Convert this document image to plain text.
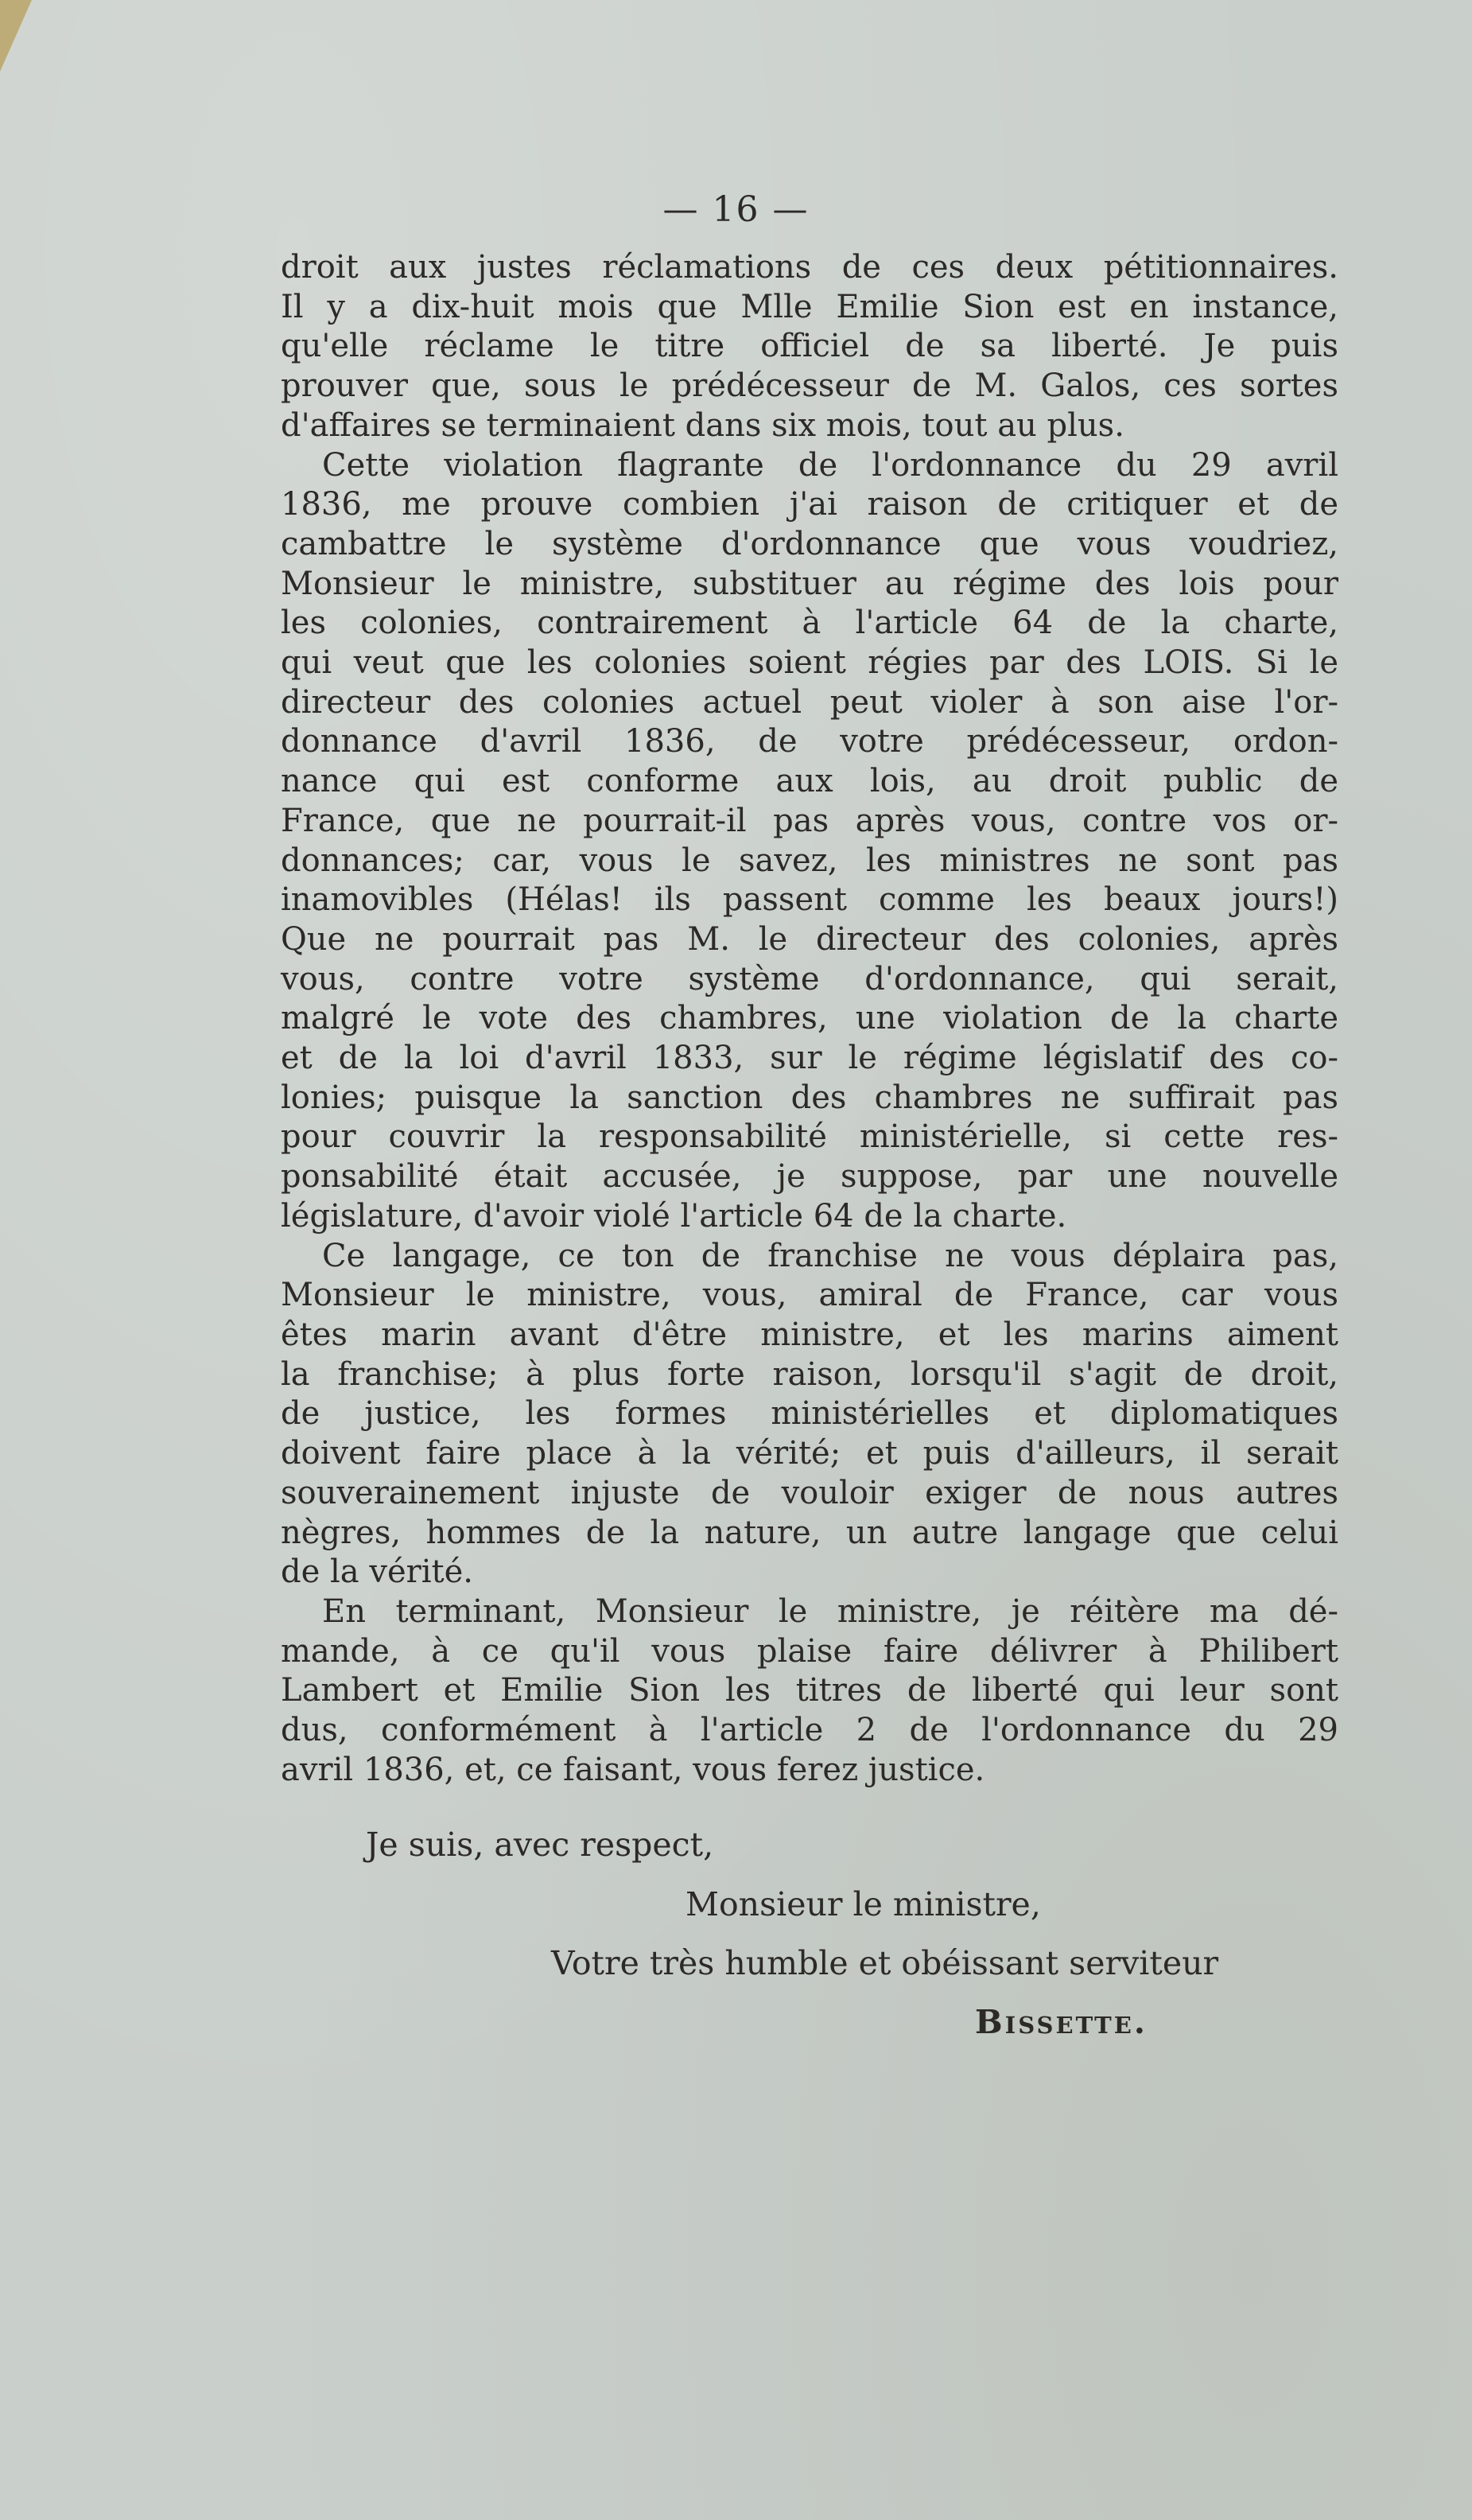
— 16 —
droit aux justes réclamations de ces deux pétitionnaires.
Il y a dix-huit mois que Mlle Emilie Sion est en instance,
qu'elle réclame le titre officiel de sa liberté. Je puis
prouver que, sous le prédécesseur de M. Galos, ces sortes
d'affaires se terminaient dans six mois, tout au plus.
Cette violation flagrante de l'ordonnance du 29 avril
1836, me prouve combien j'ai raison de critiquer et de
cambattre le système d'ordonnance que vous voudriez,
Monsieur le ministre, substituer au régime des lois pour
les colonies, contrairement à l'article 64 de la charte,
qui veut que les colonies soient régies par des LOIS. Si le
directeur des colonies actuel peut violer à son aise l'or-
donnance d'avril 1836, de votre prédécesseur, ordon-
nance qui est conforme aux lois, au droit public de
France, que ne pourrait-il pas après vous, contre vos or-
donnances; car, vous le savez, les ministres ne sont pas
inamovibles (Hélas! ils passent comme les beaux jours!)
Que ne pourrait pas M. le directeur des colonies, après
vous, contre votre système d'ordonnance, qui serait,
malgré le vote des chambres, une violation de la charte
et de la loi d'avril 1833, sur le régime législatif des co-
lonies; puisque la sanction des chambres ne suffirait pas
pour couvrir la responsabilité ministérielle, si cette res-
ponsabilité était accusée, je suppose, par une nouvelle
législature, d'avoir violé l'article 64 de la charte.
Ce langage, ce ton de franchise ne vous déplaira pas,
Monsieur le ministre, vous, amiral de France, car vous
êtes marin avant d'être ministre, et les marins aiment
la franchise; à plus forte raison, lorsqu'il s'agit de droit,
de justice, les formes ministérielles et diplomatiques
doivent faire place à la vérité; et puis d'ailleurs, il serait
souverainement injuste de vouloir exiger de nous autres
nègres, hommes de la nature, un autre langage que celui
de la vérité.
En terminant, Monsieur le ministre, je réitère ma dé-
mande, à ce qu'il vous plaise faire délivrer à Philibert
Lambert et Emilie Sion les titres de liberté qui leur sont
dus, conformément à l'article 2 de l'ordonnance du 29
avril 1836, et, ce faisant, vous ferez justice.
Je suis, avec respect,
Monsieur le ministre,
Votre très humble et obéissant serviteur
Bissette.
